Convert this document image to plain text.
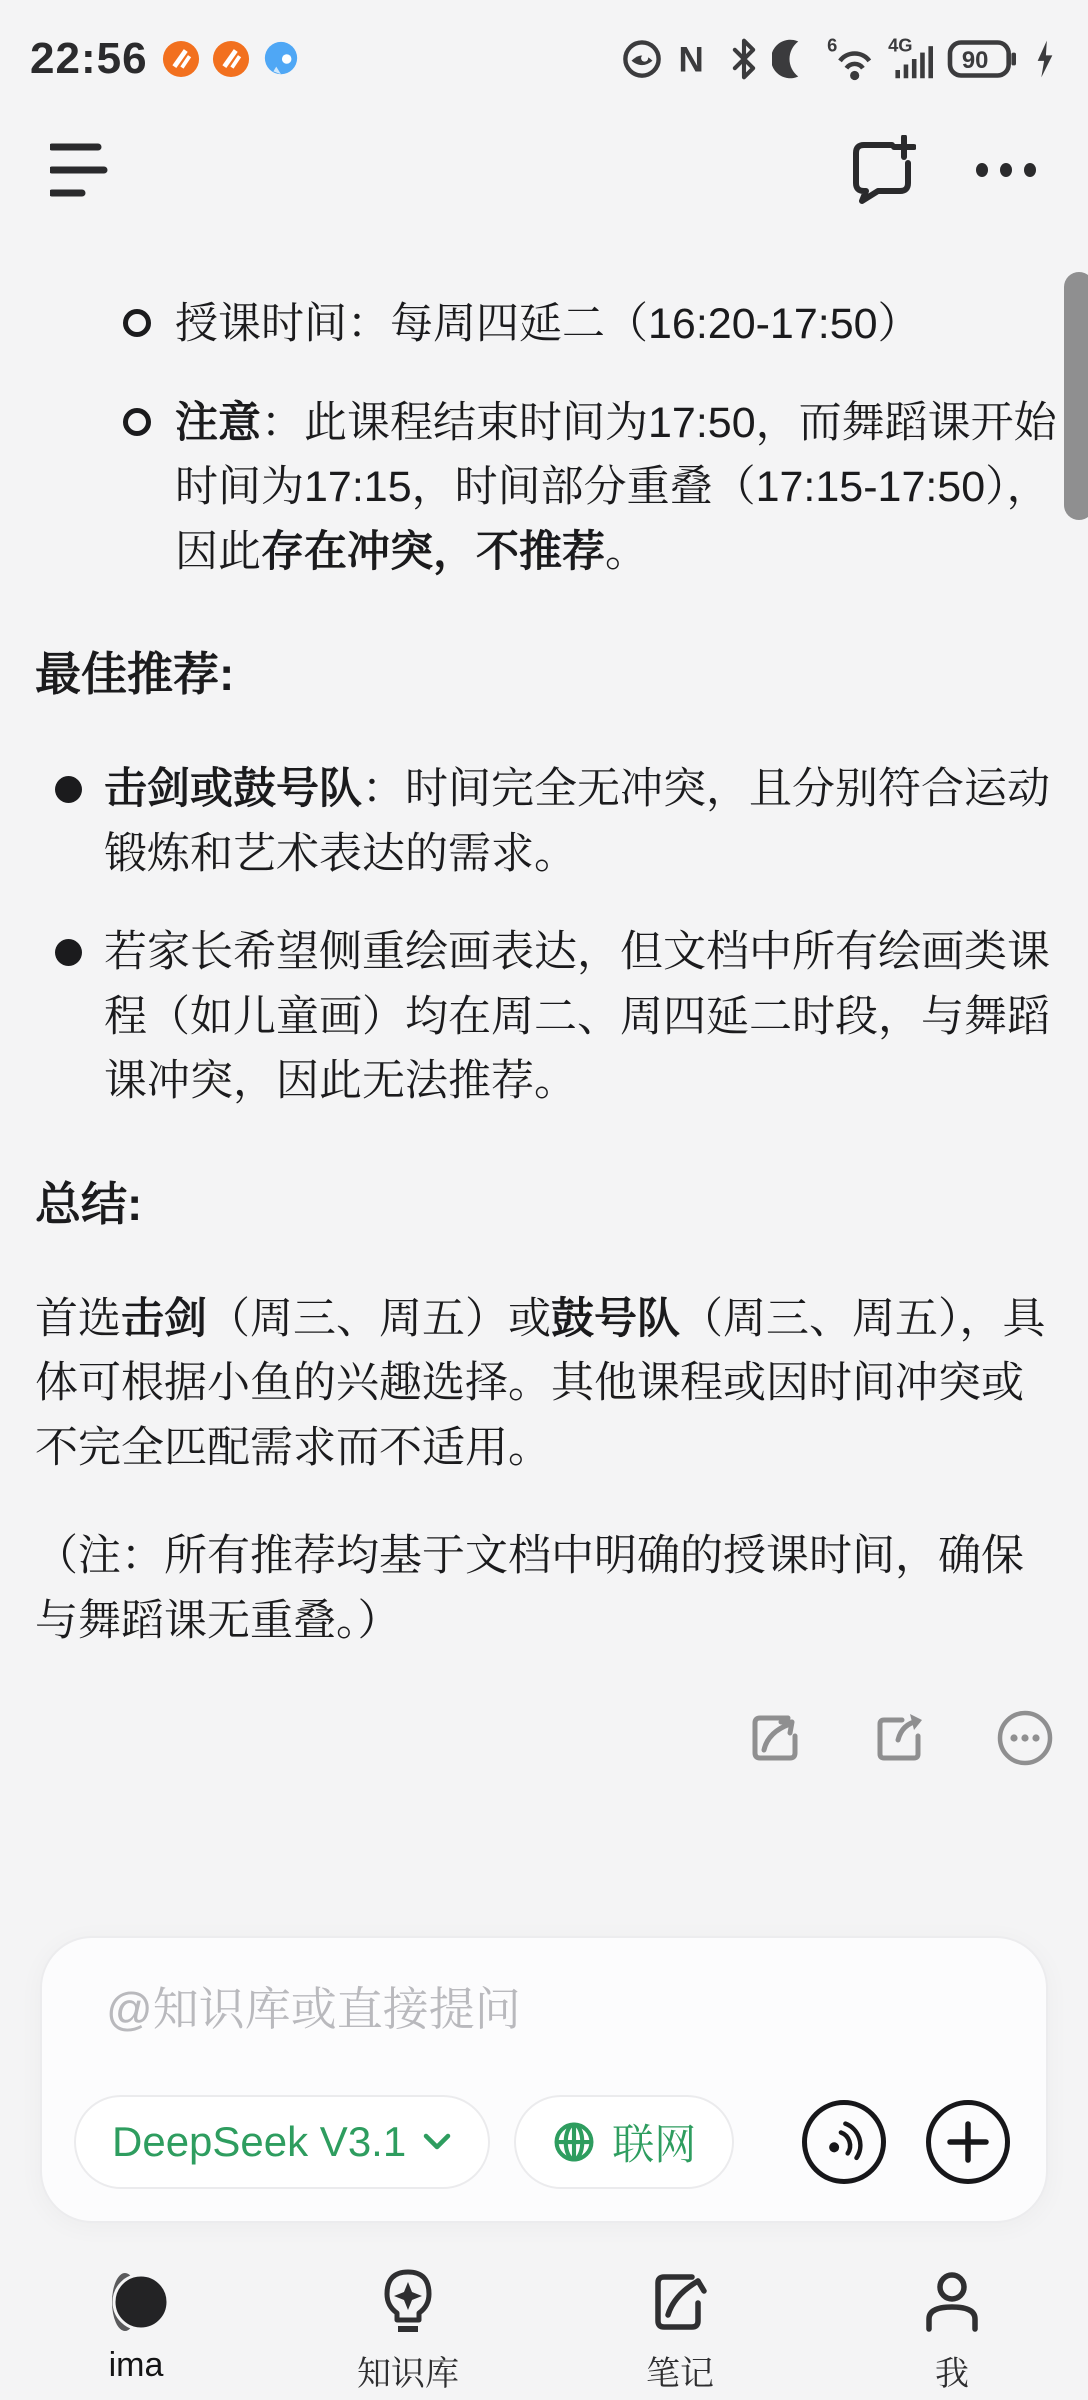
22:56	N	6	4G
90
授课时间：每周四延二（16:20-17:50）
注意：此课程结束时间为17:50，而舞蹈课开始时间为17:15，时间部分重叠（17:15-17:50），因此存在冲突，不推荐。
最佳推荐:
击剑或鼓号队：时间完全无冲突，且分别符合运动锻炼和艺术表达的需求。
若家长希望侧重绘画表达，但文档中所有绘画类课程（如儿童画）均在周二、周四延二时段，与舞蹈课冲突，因此无法推荐。
总结:
首选击剑（周三、周五）或鼓号队（周三、周五），具体可根据小鱼的兴趣选择。其他课程或因时间冲突或不完全匹配需求而不适用。
（注：所有推荐均基于文档中明确的授课时间，确保与舞蹈课无重叠。）
@知识库或直接提问
DeepSeek V3.1	联网
ima	知识库	笔记	我
